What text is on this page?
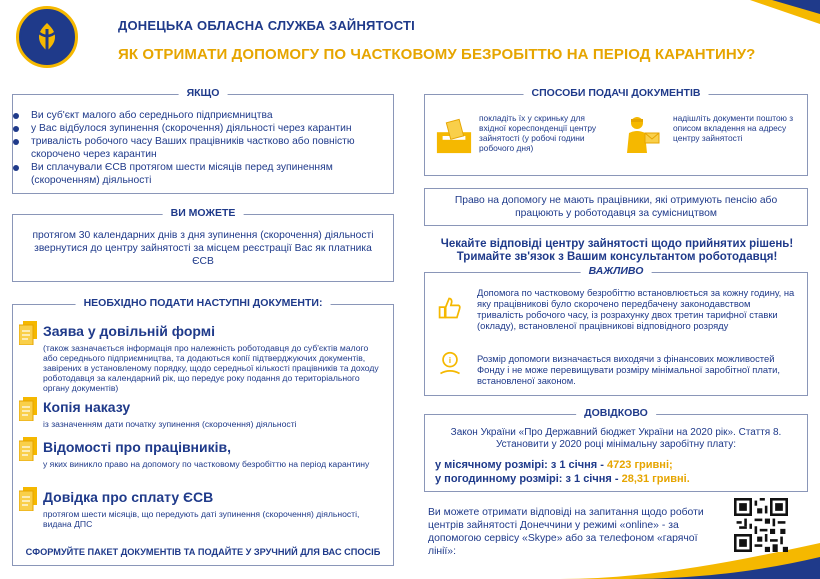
ДОНЕЦЬКА ОБЛАСНА СЛУЖБА ЗАЙНЯТОСТІ
ЯК ОТРИМАТИ ДОПОМОГУ ПО ЧАСТКОВОМУ БЕЗРОБІТТЮ НА ПЕРІОД КАРАНТИНУ?
ЯКЩО
Ви суб'єкт малого або середнього підприємництва
у Вас відбулося зупинення (скорочення) діяльності через карантин
тривалість робочого часу Ваших працівників частково або повністю скорочено через карантин
Ви сплачували ЄСВ протягом шести місяців перед зупиненням (скороченням) діяльності
ВИ МОЖЕТЕ
протягом 30 календарних днів з дня зупинення (скорочення) діяльності звернутися до центру зайнятості за місцем реєстрації Вас як платника ЄСВ
НЕОБХІДНО ПОДАТИ НАСТУПНІ ДОКУМЕНТИ:
Заява у довільній формі
(також зазначається інформація про належність роботодавця до суб'єктів малого або середнього підприємництва, та додаються копії підтверджуючих документів, завірених в установленому порядку, щодо середньої кількості працівників та доходу роботодавця за календарний рік, що передує року подання до територіального органу документів)
Копія наказу
із зазначенням дати початку зупинення (скорочення) діяльності
Відомості про працівників,
у яких виникло право на допомогу по частковому безробіттю на період карантину
Довідка про сплату ЄСВ
протягом шести місяців, що передують даті зупинення (скорочення) діяльності, видана ДПС
СФОРМУЙТЕ ПАКЕТ ДОКУМЕНТІВ ТА ПОДАЙТЕ У ЗРУЧНИЙ ДЛЯ ВАС СПОСІБ
СПОСОБИ ПОДАЧІ ДОКУМЕНТІВ
покладіть їх у скриньку для вхідної кореспонденції центру зайнятості (у робочі години робочого дня)
надішліть документи поштою з описом вкладення на адресу центру зайнятості
Право на допомогу не мають працівники, які отримують пенсію або працюють у роботодавця за сумісництвом
Чекайте відповіді центру зайнятості щодо прийнятих рішень!
Тримайте зв'язок з Вашим консультантом роботодавця!
ВАЖЛИВО
Допомога по частковому безробіттю встановлюється за кожну годину, на яку працівникові було скорочено передбачену законодавством тривалість робочого часу, із розрахунку двох третин тарифної ставки (окладу), встановленої працівникові відповідного розряду
i	Розмір допомоги визначається виходячи з фінансових можливостей Фонду і не може перевищувати розміру мінімальної заробітної плати, встановленої законом.
ДОВІДКОВО
Закон України «Про Державний бюджет України на 2020 рік». Стаття 8. Установити у 2020 році мінімальну заробітну плату:
у місячному розмірі: з 1 січня - 4723 гривні;
у погодинному розмірі: з 1 січня - 28,31 гривні.
Ви можете отримати відповіді на запитання щодо роботи центрів зайнятості Донеччини у режимі «online» - за допомогою сервісу «Skype» або за телефоном «гарячої лінії»:
